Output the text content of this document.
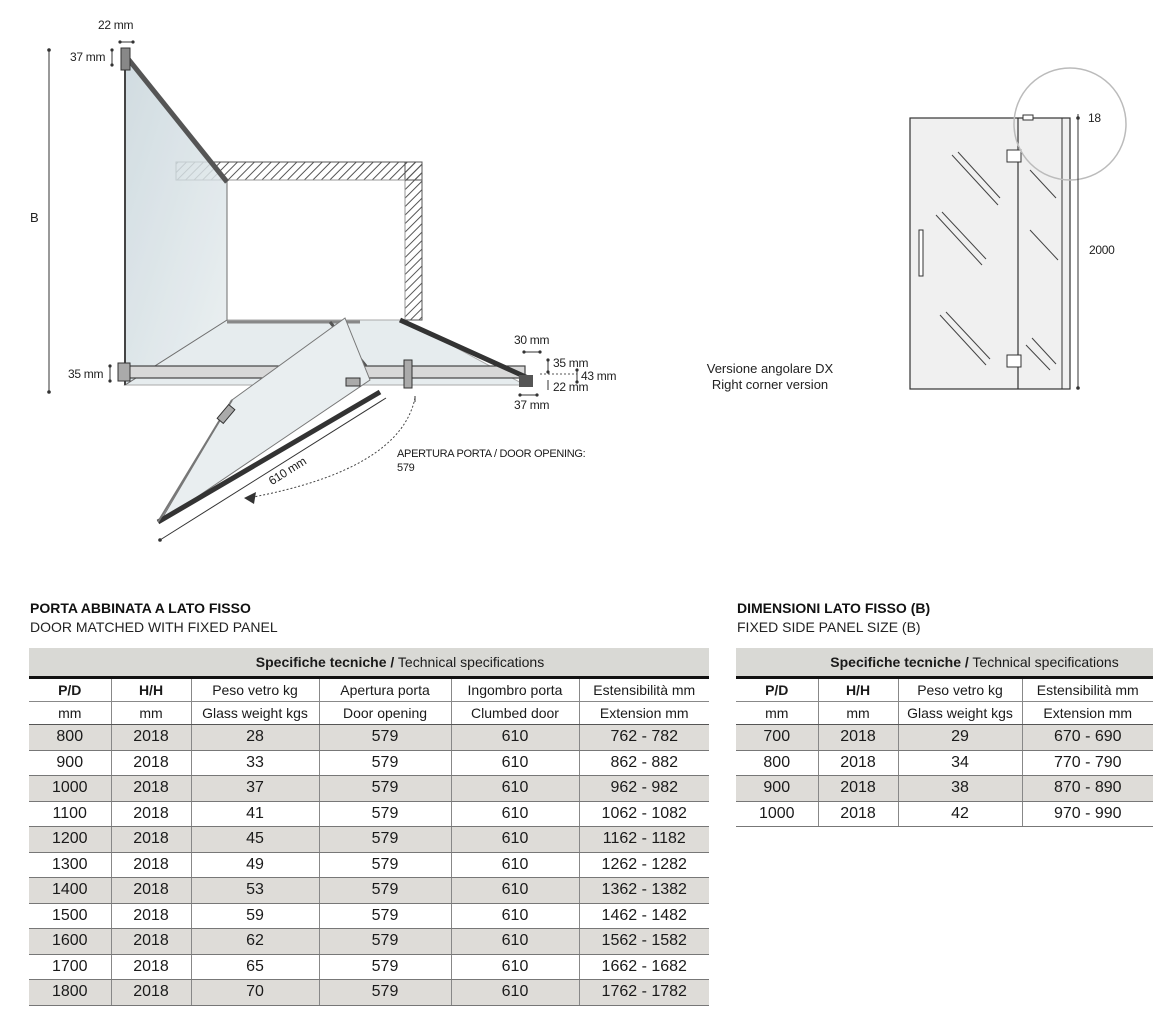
22 mm
37 mm
B
35 mm
30 mm
35 mm
43 mm
22 mm
37 mm
610 mm	APERTURA PORTA / DOOR OPENING:
579
Versione angolare DX
Right corner version
18
2000
PORTA ABBINATA A LATO FISSO
DOOR MATCHED WITH FIXED PANEL
Specifiche tecniche / Technical specifications					
P/D	H/H	Peso vetro kg	Apertura porta	Ingombro porta	Estensibilità mm
mm	mm	Glass weight kgs	Door opening	Clumbed door	Extension mm
800	2018	28	579	610	762 - 782
900	2018	33	579	610	862 - 882
1000	2018	37	579	610	962 - 982
1100	2018	41	579	610	1062 - 1082
1200	2018	45	579	610	1162 - 1182
1300	2018	49	579	610	1262 - 1282
1400	2018	53	579	610	1362 - 1382
1500	2018	59	579	610	1462 - 1482
1600	2018	62	579	610	1562 - 1582
1700	2018	65	579	610	1662 - 1682
1800	2018	70	579	610	1762 - 1782
DIMENSIONI LATO FISSO (B)
FIXED SIDE PANEL SIZE (B)
Specifiche tecniche / Technical specifications			
P/D	H/H	Peso vetro kg	Estensibilità mm
mm	mm	Glass weight kgs	Extension mm
700	2018	29	670 - 690
800	2018	34	770 - 790
900	2018	38	870 - 890
1000	2018	42	970 - 990
